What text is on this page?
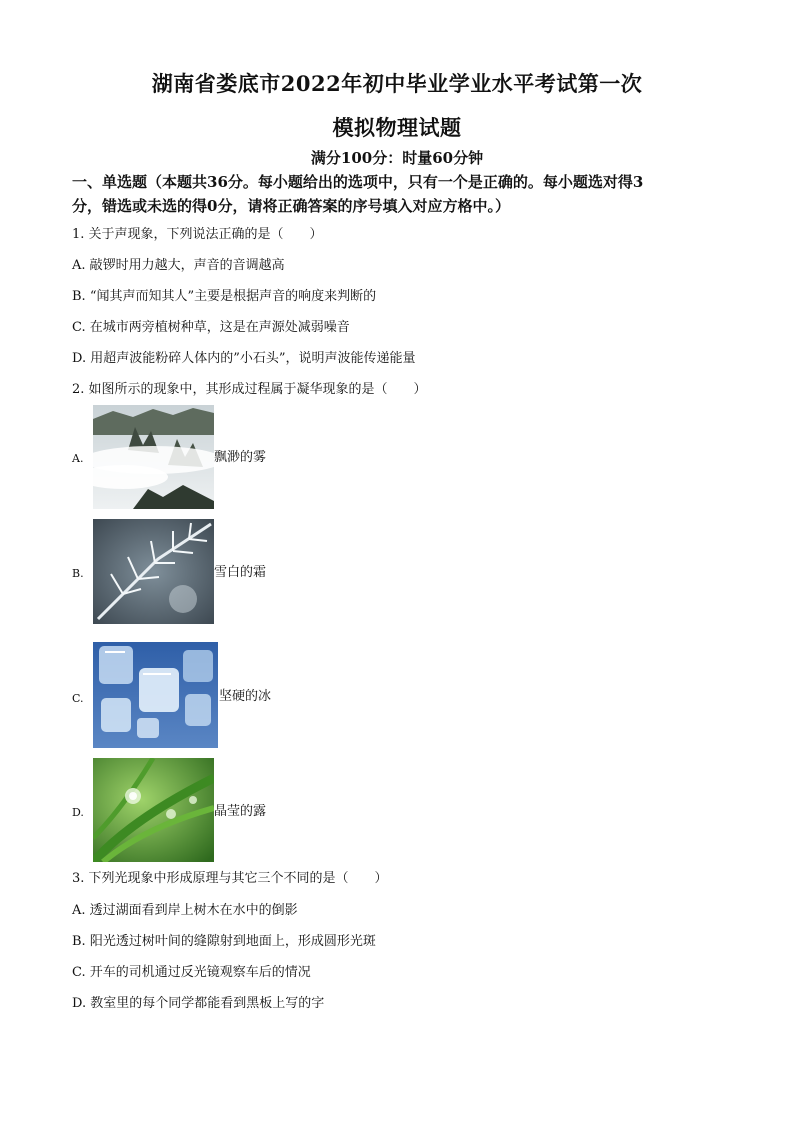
湖南省娄底市2022年初中毕业学业水平考试第一次
模拟物理试题
满分100分：时量60分钟
一、单选题（本题共36分。每小题给出的选项中，只有一个是正确的。每小题选对得3
分，错选或未选的得0分，请将正确答案的序号填入对应方格中。）
1. 关于声现象，下列说法正确的是（　　）
A. 敲锣时用力越大，声音的音调越高
B. “闻其声而知其人”主要是根据声音的响度来判断的
C. 在城市两旁植树种草，这是在声源处减弱噪音
D. 用超声波能粉碎人体内的”小石头”，说明声波能传递能量
2. 如图所示的现象中，其形成过程属于凝华现象的是（　　）
A.	飘渺的雾
B.	雪白的霜
C.	坚硬的冰
D.	晶莹的露
3. 下列光现象中形成原理与其它三个不同的是（　　）
A. 透过湖面看到岸上树木在水中的倒影
B. 阳光透过树叶间的缝隙射到地面上，形成圆形光斑
C. 开车的司机通过反光镜观察车后的情况
D. 教室里的每个同学都能看到黑板上写的字
